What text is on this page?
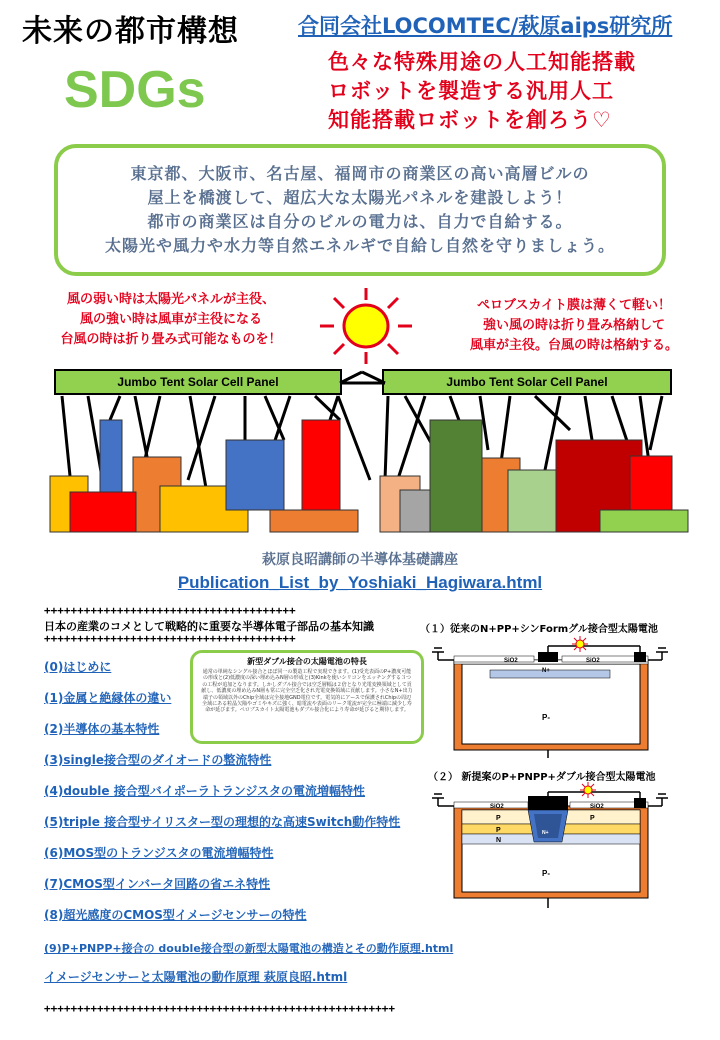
未来の都市構想	合同会社LOCOMTEC/萩原aips研究所
SDGs	色々な特殊用途の人工知能搭載
ロボットを製造する汎用人工
知能搭載ロボットを創ろう♡
東京都、大阪市、名古屋、福岡市の商業区の高い高層ビルの
屋上を橋渡して、超広大な太陽光パネルを建設しよう！
都市の商業区は自分のビルの電力は、自力で自給する。
太陽光や風力や水力等自然エネルギで自給し自然を守りましょう。
風の弱い時は太陽光パネルが主役、
風の強い時は風車が主役になる
台風の時は折り畳み式可能なものを！
ペロブスカイト膜は薄くて軽い！
強い風の時は折り畳み格納して
風車が主役。台風の時は格納する。
Jumbo Tent Solar Cell Panel	Jumbo Tent Solar Cell Panel
萩原良昭講師の半導体基礎講座
Publication_List_by_Yoshiaki_Hagiwara.html
++++++++++++++++++++++++++++++++++++++
日本の産業のコメとして戦略的に重要な半導体電子部品の基本知識
++++++++++++++++++++++++++++++++++++++
(0)はじめに
(1)金属と絶縁体の違い
(2)半導体の基本特性
(3)single接合型のダイオードの整流特性
(4)double 接合型バイポーラトランジスタの電流増幅特性
(5)triple 接合型サイリスター型の理想的な高速Switch動作特性
(6)MOS型のトランジスタの電流増幅特性
(7)CMOS型インバータ回路の省エネ特性
(8)超光感度のCMOS型イメージセンサーの特性
(9)P+PNPP+接合の double接合型の新型太陽電池の構造とその動作原理.html
イメージセンサーと太陽電池の動作原理 萩原良昭.html
新型ダブル接合の太陽電池の特長
通常の単純なシングル接合とほぼ同一の製造工程で実現できます。(1)受光表面のP+濃度可能の形成と(2)低濃度の深い埋め込みN層の形成と(3)Kinkを使いシリコンをエッチングする３つの工程が追加となります。しかしダブル接合では空乏層幅は２倍となり光電変換領域として貢献し、低濃度の埋め込みN層も常に完全空乏化され光電変換領域に貢献します。小さなN+出力端子の領域以外のChip全域は完全接地GND電位です。電気的にアースで保護されChipの周辺全域にある粒晶欠陥やゴミやキズに強く、暗電流や表面のリーク電流が完全に極端に減少し寿命が延びます。ペロブスカイト太陽電池もダブル接合化により寿命が延びると期待します。
+++++++++++++++++++++++++++++++++++++++++++++++++++++
（１）従来のN+PP+シンFormグル接合型太陽電池
（２） 新提案のP+PNPP+ダブル接合型太陽電池
SiO2	SiO2
N+
P-
SiO2	SiO2
P	P
P
N
N+
P-
